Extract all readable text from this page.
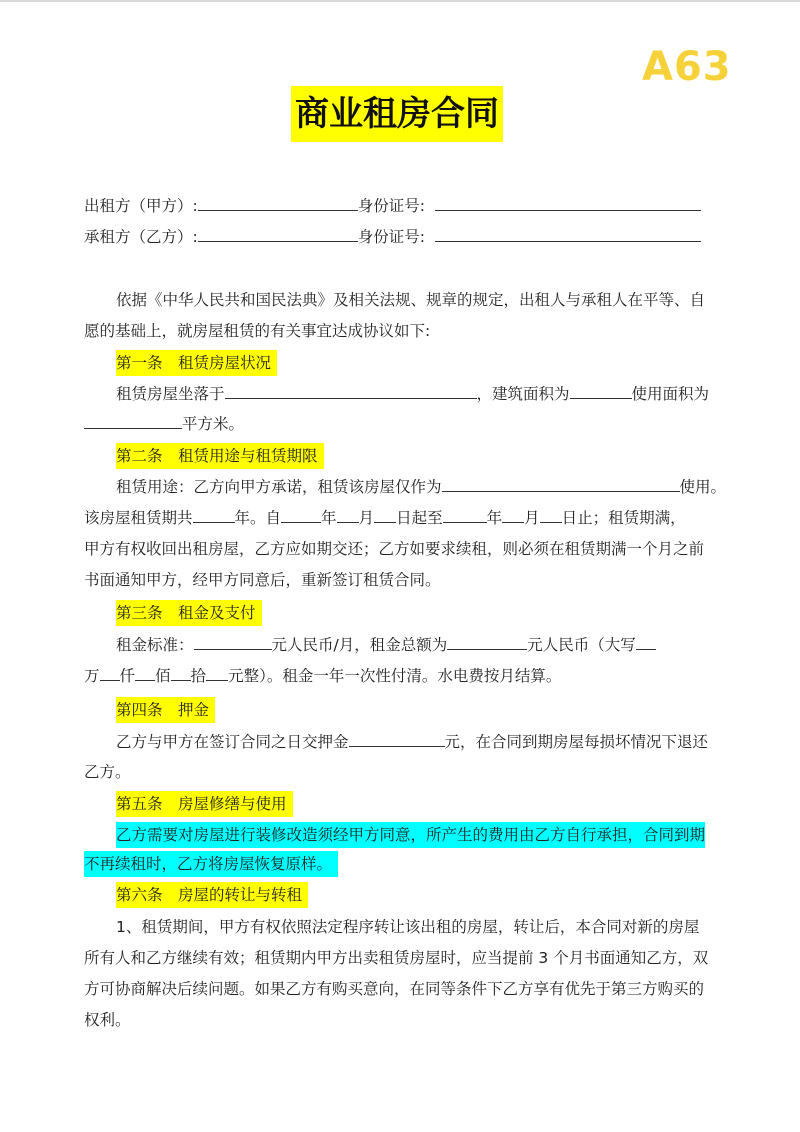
A63
商业租房合同
出租方（甲方）:	身份证号:
承租方（乙方）:	身份证号:
依据《中华人民共和国民法典》及相关法规、规章的规定，出租人与承租人在平等、自
愿的基础上，就房屋租赁的有关事宜达成协议如下:
第一条　租赁房屋状况
租赁房屋坐落于	，建筑面积为	使用面积为
平方米。
第二条　租赁用途与租赁期限
租赁用途：乙方向甲方承诺，租赁该房屋仅作为	使用。
该房屋租赁期共	年。自	年 月 日起至	年 月 日止；租赁期满，
甲方有权收回出租房屋，乙方应如期交还；乙方如要求续租，则必须在租赁期满一个月之前
书面通知甲方，经甲方同意后，重新签订租赁合同。
第三条　租金及支付
租金标准：	元人民币/月，租金总额为	元人民币（大写
万 仟 佰 拾 元整）。租金一年一次性付清。水电费按月结算。
第四条　押金
乙方与甲方在签订合同之日交押金	元，在合同到期房屋每损坏情况下退还
乙方。
第五条　房屋修缮与使用
乙方需要对房屋进行装修改造须经甲方同意，所产生的费用由乙方自行承担，合同到期
不再续租时，乙方将房屋恢复原样。
第六条　房屋的转让与转租
1、租赁期间，甲方有权依照法定程序转让该出租的房屋，转让后，本合同对新的房屋
所有人和乙方继续有效；租赁期内甲方出卖租赁房屋时，应当提前 3 个月书面通知乙方，双
方可协商解决后续问题。如果乙方有购买意向，在同等条件下乙方享有优先于第三方购买的
权利。
